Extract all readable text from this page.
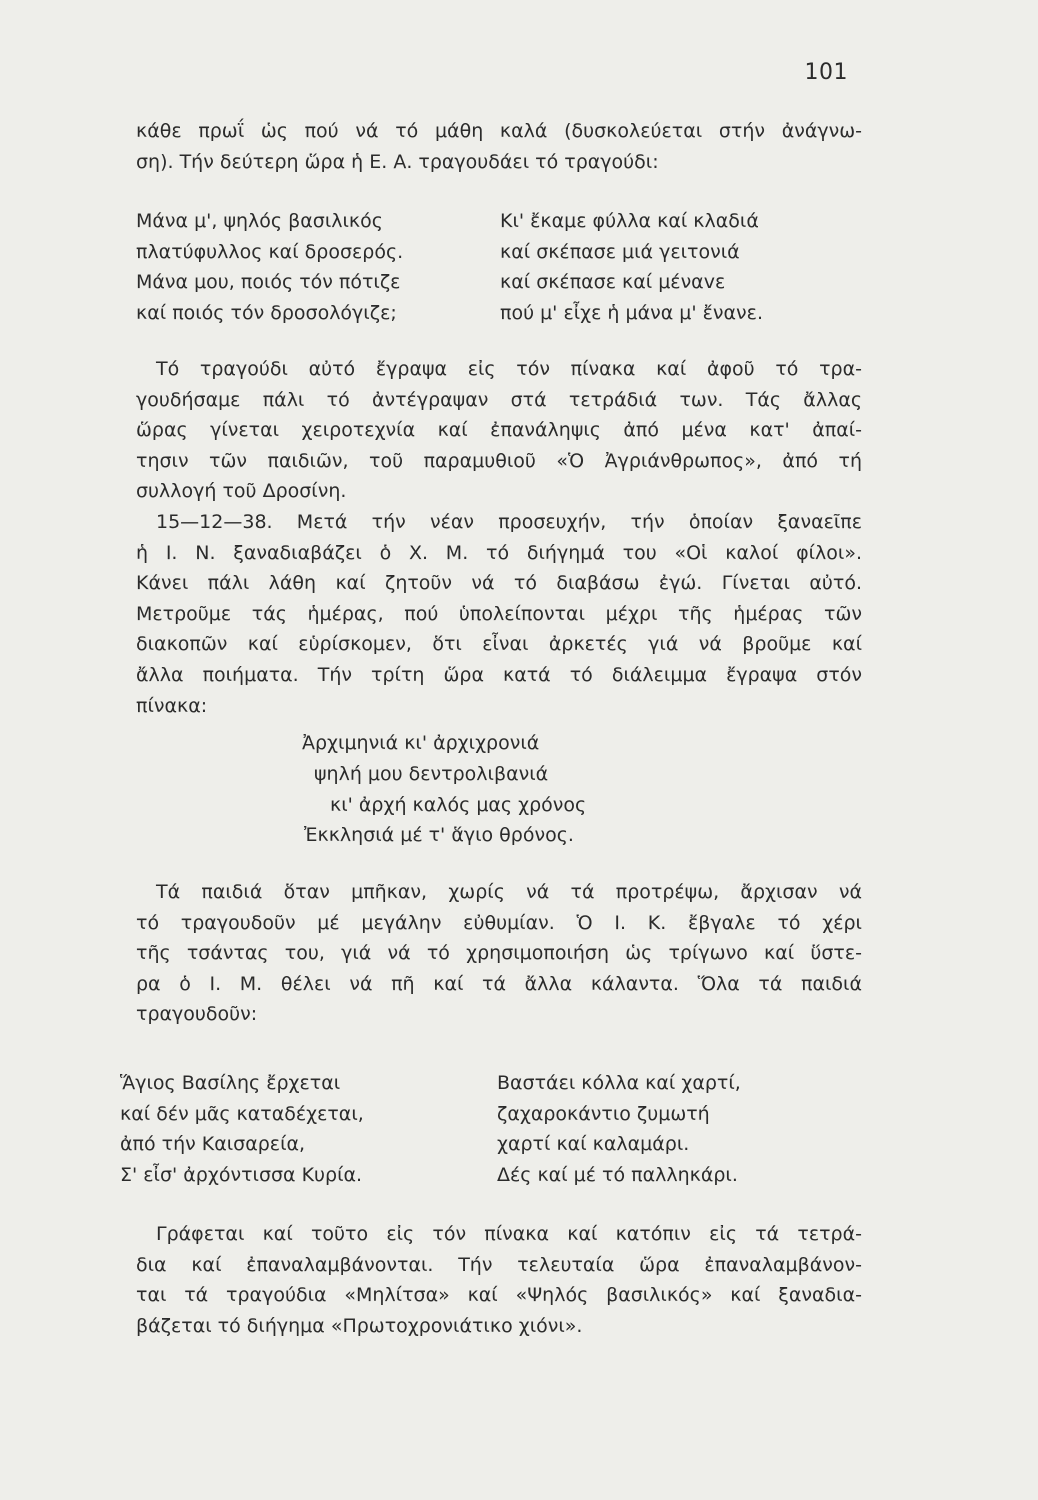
101
κάθε πρωΐ ὡς πού νά τό μάθη καλά (δυσκολεύεται στήν ἀνάγνω-
ση). Τήν δεύτερη ὥρα ἡ Ε. Α. τραγουδάει τό τραγούδι:
Μάνα μ', ψηλός βασιλικός
πλατύφυλλος καί δροσερός.
Μάνα μου, ποιός τόν πότιζε
καί ποιός τόν δροσολόγιζε;
Κι' ἔκαμε φύλλα καί κλαδιά
καί σκέπασε μιά γειτονιά
καί σκέπασε καί μέναvε
πού μ' εἶχε ἡ μάνα μ' ἔνανε.
Τό τραγούδι αὐτό ἔγραψα εἰς τόν πίνακα καί ἀφοῦ τό τρα-
γουδήσαμε πάλι τό ἀντέγραψαν στά τετράδιά των. Τάς ἄλλας
ὥρας γίνεται χειροτεχνία καί ἐπανάληψις ἀπό μένα κατ' ἀπαί-
τησιν τῶν παιδιῶν, τοῦ παραμυθιοῦ «Ὁ Ἀγριάνθρωπος», ἀπό τή
συλλογή τοῦ Δροσίνη.
15—12—38. Μετά τήν νέαν προσευχήν, τήν ὁποίαν ξαναεῖπε
ἡ Ι. Ν. ξαναδιαβάζει ὁ Χ. Μ. τό διήγημά του «Οἱ καλοί φίλοι».
Κάνει πάλι λάθη καί ζητοῦν νά τό διαβάσω ἐγώ. Γίνεται αὐτό.
Μετροῦμε τάς ἡμέρας, πού ὑπολείπονται μέχρι τῆς ἡμέρας τῶν
διακοπῶν καί εὑρίσκομεν, ὅτι εἶναι ἀρκετές γιά νά βροῦμε καί
ἄλλα ποιήματα. Τήν τρίτη ὥρα κατά τό διάλειμμα ἔγραψα στόν
πίνακα:
Ἀρχιμηνιά κι' ἀρχιχρονιά
ψηλή μου δεντρολιβανιά
κι' ἀρχή καλός μας χρόνος
Ἐκκλησιά μέ τ' ἅγιο θρόνος.
Τά παιδιά ὅταν μπῆκαν, χωρίς νά τά προτρέψω, ἄρχισαν νά
τό τραγουδοῦν μέ μεγάλην εὐθυμίαν. Ὁ Ι. Κ. ἔβγαλε τό χέρι
τῆς τσάντας του, γιά νά τό χρησιμοποιήση ὡς τρίγωνο καί ὕστε-
ρα ὁ Ι. Μ. θέλει νά πῆ καί τά ἄλλα κάλαντα. Ὅλα τά παιδιά
τραγουδοῦν:
Ἅγιος Βασίλης ἔρχεται
καί δέν μᾶς καταδέχεται,
ἀπό τήν Καισαρεία,
Σ' εἶσ' ἀρχόντισσα Κυρία.
Βαστάει κόλλα καί χαρτί,
ζαχαροκάντιο ζυμωτή
χαρτί καί καλαμάρι.
Δές καί μέ τό παλληκάρι.
Γράφεται καί τοῦτο εἰς τόν πίνακα καί κατόπιν εἰς τά τετρά-
δια καί ἐπαναλαμβάνονται. Τήν τελευταία ὥρα ἐπαναλαμβάνον-
ται τά τραγούδια «Μηλίτσα» καί «Ψηλός βασιλικός» καί ξαναδια-
βάζεται τό διήγημα «Πρωτοχρονιάτικο χιόνι».
